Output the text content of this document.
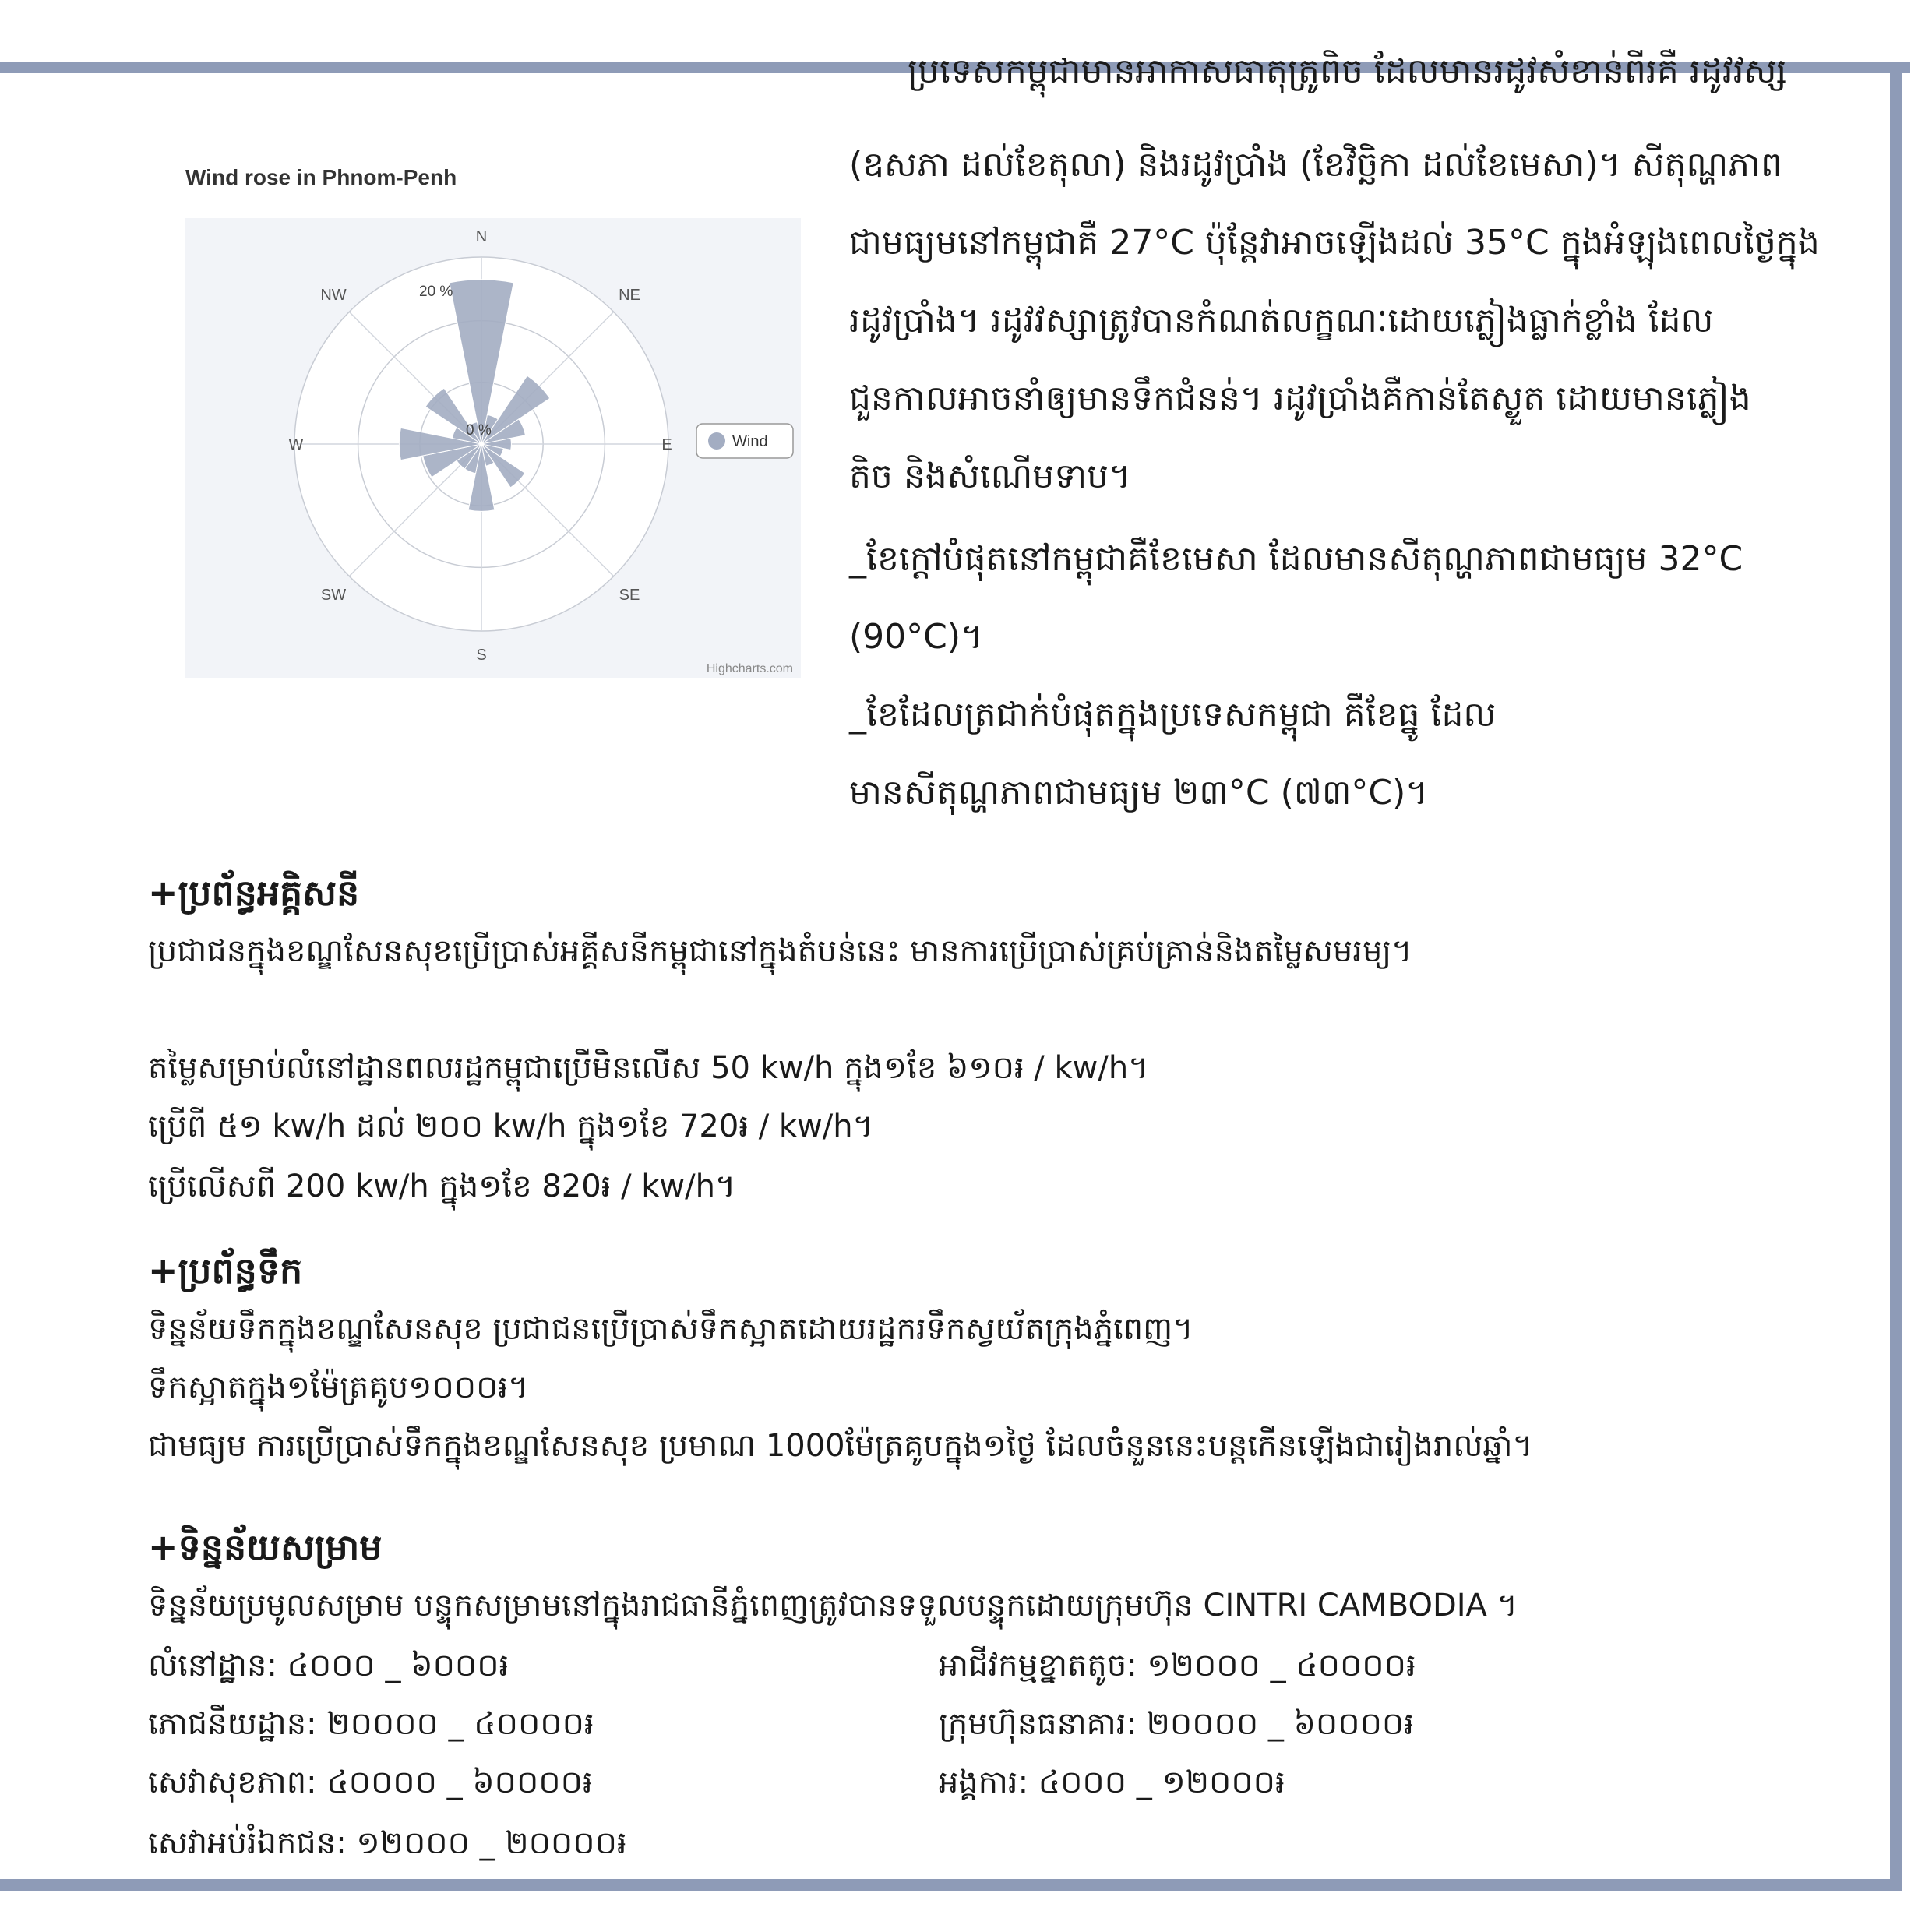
Wind rose in Phnom-Penh
N
NE
E
SE
S
SW
W
NW	20 %
0 %
Wind
Highcharts.com
ប្រទេសកម្ពុជាមានអាកាសធាតុត្រូពិច ដែលមានរដូវសំខាន់ពីរគឺ រដូវវស្ស
(ឧសភា ដល់ខែតុលា) និងរដូវប្រាំង (ខែវិច្ឆិកា ដល់ខែមេសា)។ សីតុណ្ហភាព
ជាមធ្យមនៅកម្ពុជាគឺ 27°C ប៉ុន្តែវាអាចឡើងដល់ 35°C ក្នុងអំឡុងពេលថ្ងៃក្នុង
រដូវប្រាំង។ រដូវវស្សាត្រូវបានកំណត់លក្ខណៈដោយភ្លៀងធ្លាក់ខ្លាំង ដែល
ជួនកាលអាចនាំឲ្យមានទឹកជំនន់។ រដូវប្រាំងគឺកាន់តែស្ងួត ដោយមានភ្លៀង
តិច និងសំណើមទាប។
_ខែក្តៅបំផុតនៅកម្ពុជាគឺខែមេសា ដែលមានសីតុណ្ហភាពជាមធ្យម 32°C
(90°C)។
_ខែដែលត្រជាក់បំផុតក្នុងប្រទេសកម្ពុជា គឺខែធ្នូ ដែល
មានសីតុណ្ហភាពជាមធ្យម ២៣°C (៧៣°C)។
+ប្រព័ន្ធអគ្គិសនី
ប្រជាជនក្នុងខណ្ឌសែនសុខប្រើប្រាស់អគ្គីសនីកម្ពុជានៅក្នុងតំបន់នេះ មានការប្រើប្រាស់គ្រប់គ្រាន់និងតម្លៃសមរម្យ។
តម្លៃសម្រាប់លំនៅដ្ឋានពលរដ្ឋកម្ពុជាប្រើមិនលើស 50 kw/h ក្នុង១ខែ ៦១០៛ / kw/h។
ប្រើពី ៥១ kw/h ដល់ ២០០ kw/h ក្នុង១ខែ 720៛ / kw/h។
ប្រើលើសពី 200 kw/h ក្នុង១ខែ 820៛ / kw/h។
+ប្រព័ន្ធទឹក
ទិន្នន័យទឹកក្នុងខណ្ឌសែនសុខ ប្រជាជនប្រើប្រាស់ទឹកស្អាតដោយរដ្ឋករទឹកស្វយ័តក្រុងភ្នំពេញ។
ទឹកស្អាតក្នុង១ម៉ែត្រគូប១០០០៛។
ជាមធ្យម ការប្រើប្រាស់ទឹកក្នុងខណ្ឌសែនសុខ ប្រមាណ 1000ម៉ែត្រគូបក្នុង១ថ្ងៃ ដែលចំនួននេះបន្តកើនឡើងជារៀងរាល់ឆ្នាំ។
+ទិន្នន័យសម្រាម
ទិន្នន័យប្រមូលសម្រាម បន្ទុកសម្រាមនៅក្នុងរាជធានីភ្នំពេញត្រូវបានទទួលបន្ទុកដោយក្រុមហ៊ុន CINTRI CAMBODIA ។
លំនៅដ្ឋាន: ៤០០០ _ ៦០០០៛
ភោជនីយដ្ឋាន: ២០០០០ _ ៤០០០០៛
សេវាសុខភាព: ៤០០០០ _ ៦០០០០៛
សេវាអប់រំឯកជន: ១២០០០ _ ២០០០០៛
អាជីវកម្មខ្នាតតូច: ១២០០០ _ ៤០០០០៛
ក្រុមហ៊ុនធនាគារ: ២០០០០ _ ៦០០០០៛
អង្គការ: ៤០០០ _ ១២០០០៛
